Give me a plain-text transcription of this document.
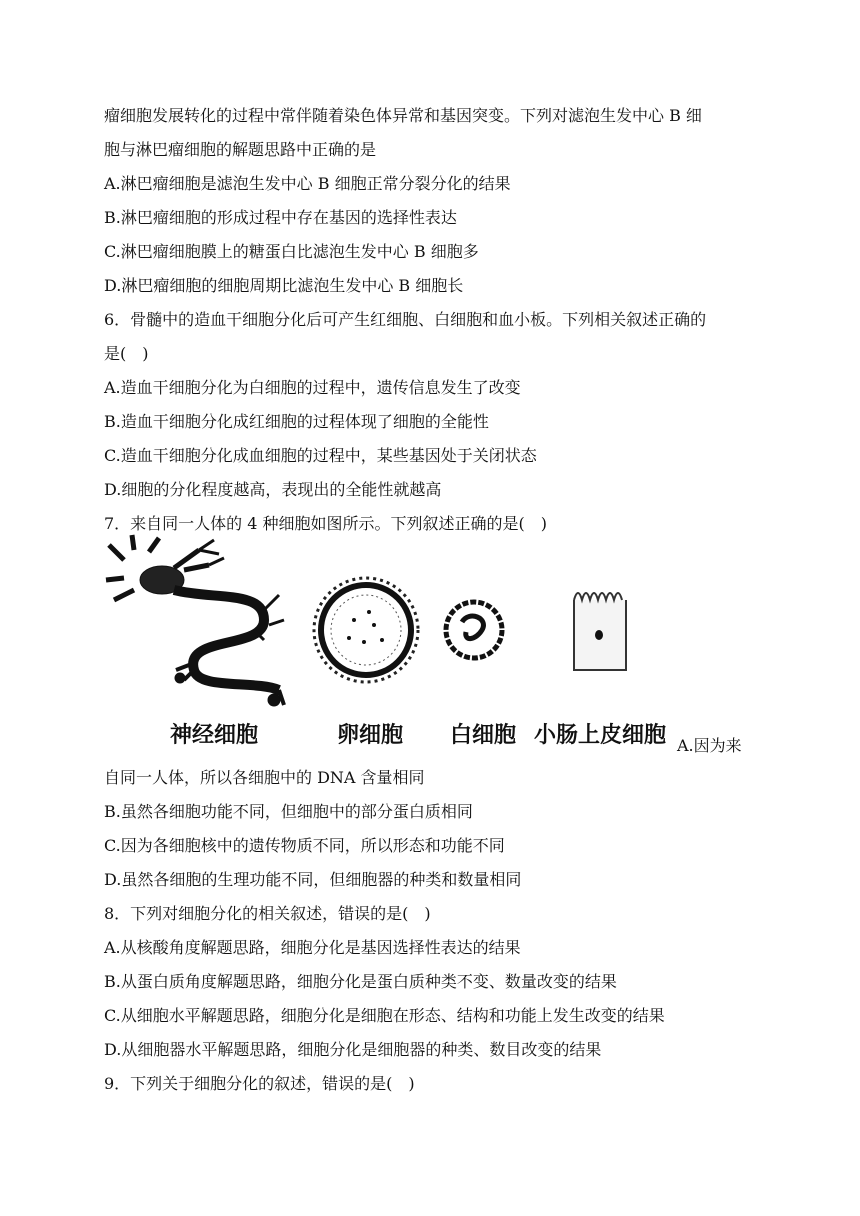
瘤细胞发展转化的过程中常伴随着染色体异常和基因突变。下列对滤泡生发中心 B 细
胞与淋巴瘤细胞的解题思路中正确的是
A.淋巴瘤细胞是滤泡生发中心 B 细胞正常分裂分化的结果
B.淋巴瘤细胞的形成过程中存在基因的选择性表达
C.淋巴瘤细胞膜上的糖蛋白比滤泡生发中心 B 细胞多
D.淋巴瘤细胞的细胞周期比滤泡生发中心 B 细胞长
6．骨髓中的造血干细胞分化后可产生红细胞、白细胞和血小板。下列相关叙述正确的
是(　)
A.造血干细胞分化为白细胞的过程中，遗传信息发生了改变
B.造血干细胞分化成红细胞的过程体现了细胞的全能性
C.造血干细胞分化成血细胞的过程中，某些基因处于关闭状态
D.细胞的分化程度越高，表现出的全能性就越高
7．来自同一人体的 4 种细胞如图所示。下列叙述正确的是(　)
神经细胞	卵细胞 白细胞 小肠上皮细胞 A.因为来
自同一人体，所以各细胞中的 DNA 含量相同
B.虽然各细胞功能不同，但细胞中的部分蛋白质相同
C.因为各细胞核中的遗传物质不同，所以形态和功能不同
D.虽然各细胞的生理功能不同，但细胞器的种类和数量相同
8．下列对细胞分化的相关叙述，错误的是(　)
A.从核酸角度解题思路，细胞分化是基因选择性表达的结果
B.从蛋白质角度解题思路，细胞分化是蛋白质种类不变、数量改变的结果
C.从细胞水平解题思路，细胞分化是细胞在形态、结构和功能上发生改变的结果
D.从细胞器水平解题思路，细胞分化是细胞器的种类、数目改变的结果
9．下列关于细胞分化的叙述，错误的是(　)
